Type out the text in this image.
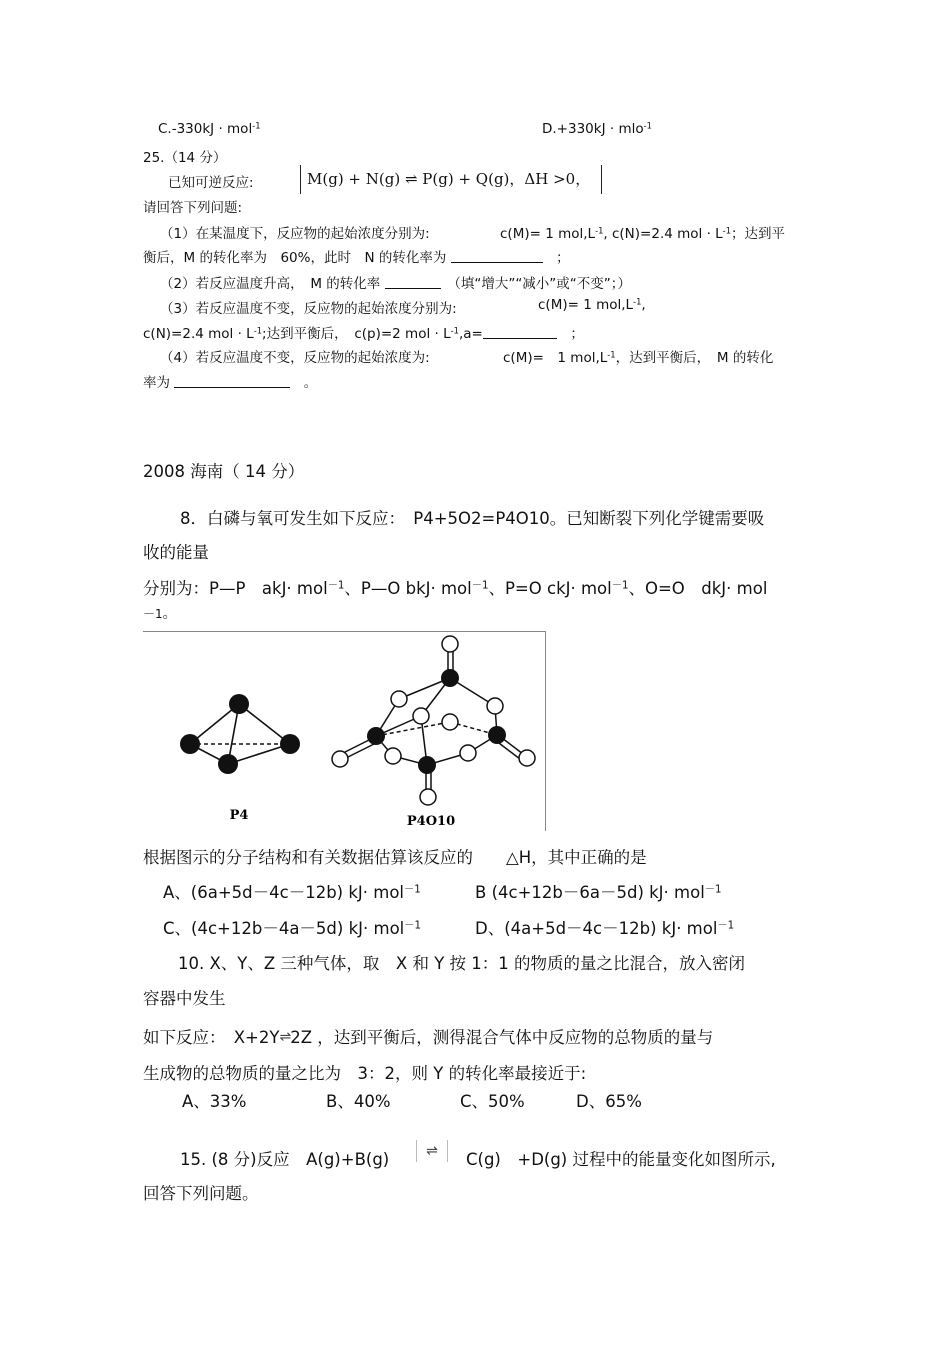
C.-330kJ · mol$^{-1}$	D.+330kJ · mlo$^{-1}$
25.（14 分）
已知可逆反应:	M(g) + N(g) ⇌ P(g) + Q(g)，ΔH >0，
请回答下列问题:
（1）在某温度下，反应物的起始浓度分别为:	c(M)= 1 $mol,L^{-1}$, c(N)=2.4 mol · $L^{-1}$；达到平
衡后，M 的转化率为　60%，此时　N 的转化率为 　	；
（2）若反应温度升高，　M 的转化率 　	（填“增大”“减小”或“不变”；）
（3）若反应温度不变，反应物的起始浓度分别为:	c(M)= 1 $mol,L^{-1}$,
c(N)=2.4 mol · $L^{-1}$;达到平衡后，　c(p)=2 mol · $L^{-1},a=$　	；
（4）若反应温度不变，反应物的起始浓度为:	c(M)=　1 $mol,L^{-1}$，达到平衡后，　M 的转化
率为 　	。
2008 海南（ 14 分）
8．白磷与氧可发生如下反应：　 P4+5O2=P4O10。已知断裂下列化学键需要吸
收的能量
分别为：P—P　akJ· mol$^{-1}$、P—O bkJ· mol$^{-1}$、P=O ckJ· mol$^{-1}$、O=O　dkJ· mol
－1。
P4	P4O10
根据图示的分子结构和有关数据估算该反应的　　 △H，其中正确的是
A、(6a+5d－4c－12b) kJ· mol$^{-1}$	B (4c+12b－6a－5d) kJ· mol$^{-1}$
C、(4c+12b－4a－5d) kJ· mol$^{-1}$	D、(4a+5d－4c－12b) kJ· mol$^{-1}$
10. X、Y、Z 三种气体，取　X 和 Y 按 1：1 的物质的量之比混合，放入密闭
容器中发生
如下反应：　X+2Y⇌2Z ，达到平衡后，测得混合气体中反应物的总物质的量与
生成物的总物质的量之比为　3：2，则 Y 的转化率最接近于:
A、33%	B、40%	C、50%	D、65%
15. (8 分)反应　A(g)+B(g)	⇌	C(g)　+D(g) 过程中的能量变化如图所示,
回答下列问题。
